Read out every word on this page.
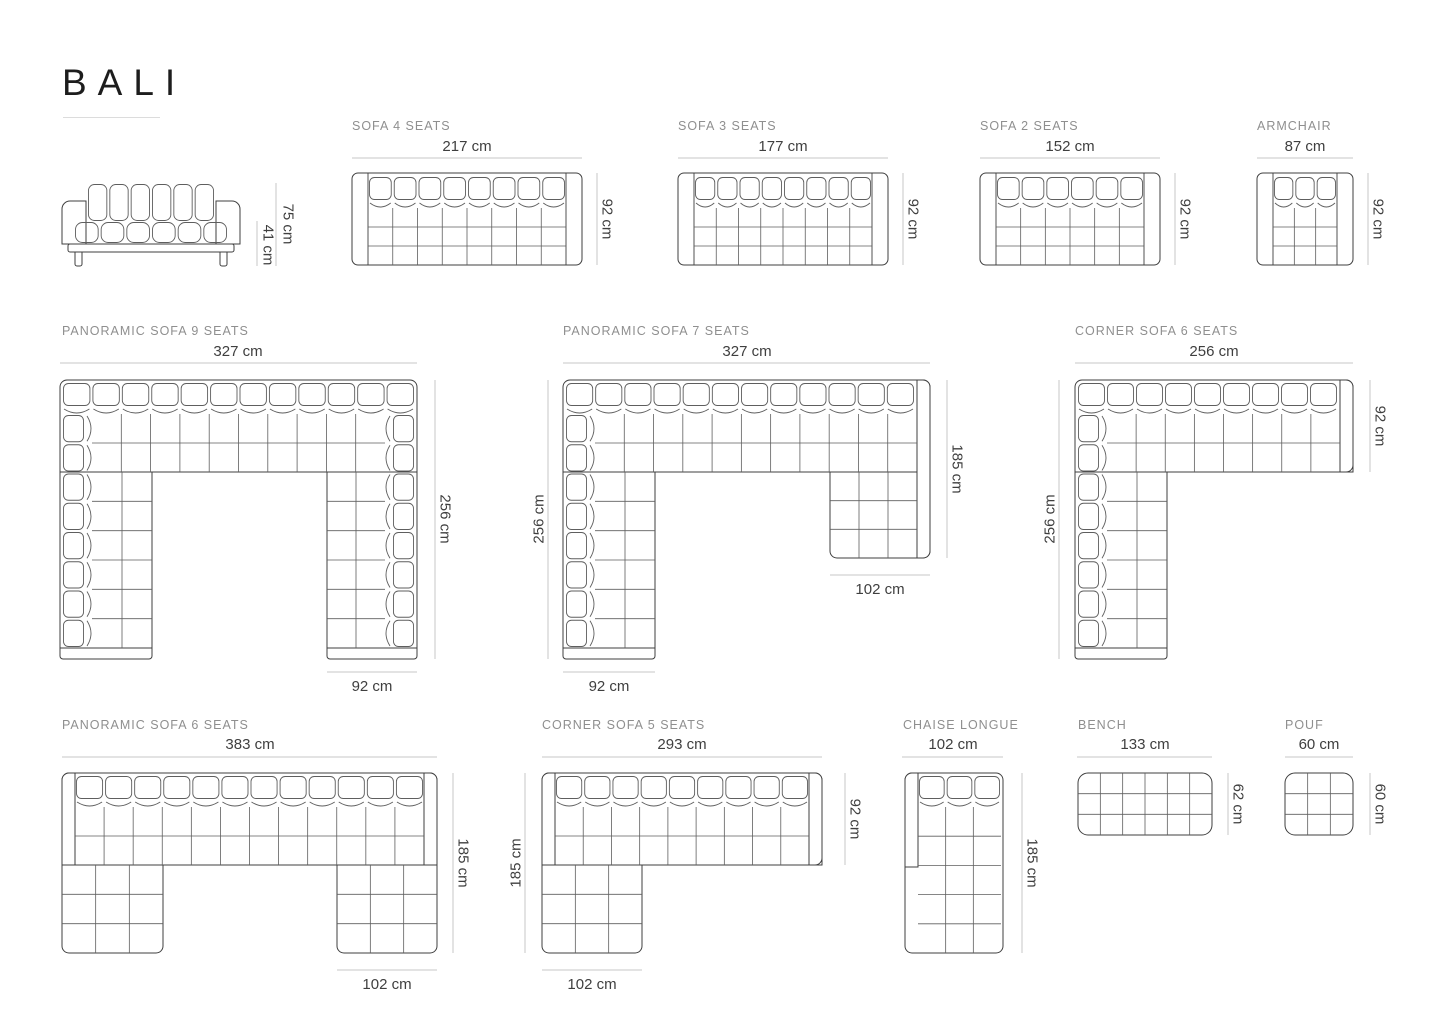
BALI
SOFA 4 SEATS	SOFA 3 SEATS	SOFA 2 SEATS	ARMCHAIR
PANORAMIC SOFA 9 SEATS	PANORAMIC SOFA 7 SEATS	CORNER SOFA 6 SEATS
PANORAMIC SOFA 6 SEATS	CORNER SOFA 5 SEATS	CHAISE LONGUE	BENCH	POUF
217 cm	177 cm	152 cm	87 cm
327 cm
92 cm
327 cm
102 cm
92 cm
256 cm
383 cm
102 cm
293 cm
102 cm
102 cm	133 cm	60 cm
75 cm
41 cm
92 cm	92 cm	92 cm	92 cm
256 cm	256 cm
185 cm
92 cm
256 cm
185 cm
92 cm
185 cm	185 cm
62 cm	60 cm
